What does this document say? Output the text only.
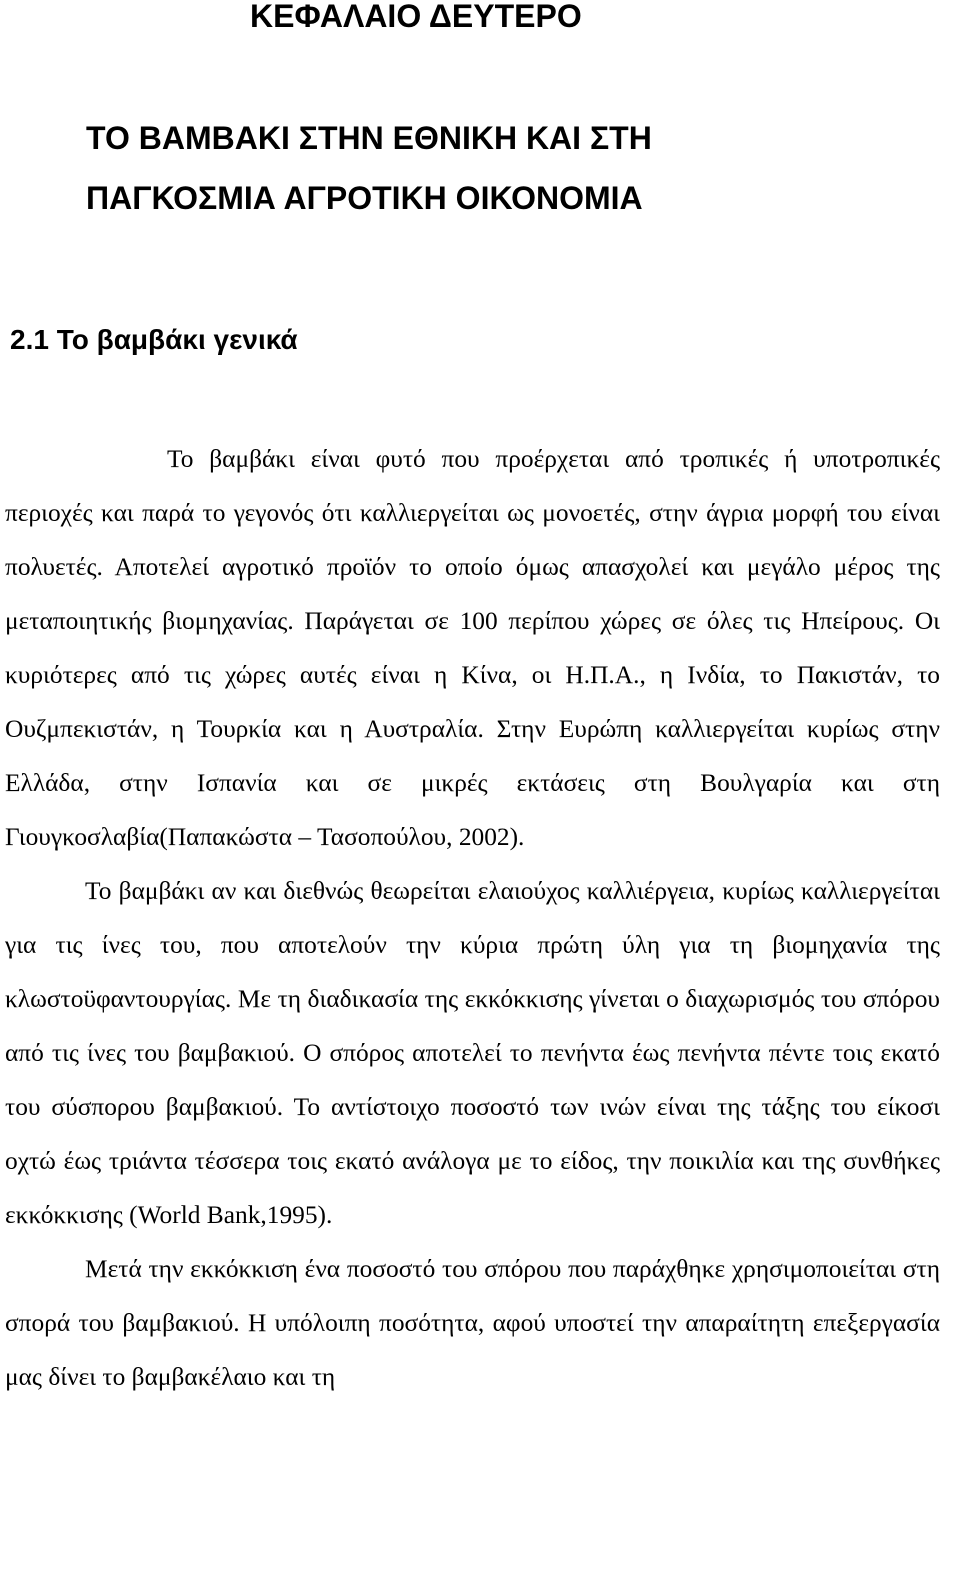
ΚΕΦΑΛΑΙΟ ΔΕΥΤΕΡΟ
ΤΟ ΒΑΜΒΑΚΙ ΣΤΗΝ ΕΘΝΙΚΗ ΚΑΙ ΣΤΗ ΠΑΓΚΟΣΜΙΑ ΑΓΡΟΤΙΚΗ ΟΙΚΟΝΟΜΙΑ
2.1 Το βαμβάκι γενικά

Το βαμβάκι είναι φυτό που προέρχεται από τροπικές ή υποτροπικές περιοχές και παρά το γεγονός ότι καλλιεργείται ως μονοετές, στην άγρια μορφή του είναι πολυετές. Αποτελεί αγροτικό προϊόν το οποίο όμως απασχολεί και μεγάλο μέρος της μεταποιητικής βιομηχανίας. Παράγεται σε 100 περίπου χώρες σε όλες τις Ηπείρους. Οι κυριότερες από τις χώρες αυτές είναι η Κίνα, οι Η.Π.Α., η Ινδία, το Πακιστάν, το Ουζμπεκιστάν, η Τουρκία και η Αυστραλία. Στην Ευρώπη καλλιεργείται κυρίως στην Ελλάδα, στην Ισπανία και σε μικρές εκτάσεις στη Βουλγαρία και στη Γιουγκοσλαβία(Παπακώστα – Τασοπούλου, 2002).

Το βαμβάκι αν και διεθνώς θεωρείται ελαιούχος καλλιέργεια, κυρίως καλλιεργείται για τις ίνες του, που αποτελούν την κύρια πρώτη ύλη για τη βιομηχανία της κλωστοϋφαντουργίας. Με τη διαδικασία της εκκόκκισης γίνεται ο διαχωρισμός του σπόρου από τις ίνες του βαμβακιού. Ο σπόρος αποτελεί το πενήντα έως πενήντα πέντε τοις εκατό του σύσπορου βαμβακιού. Το αντίστοιχο ποσοστό των ινών είναι της τάξης του είκοσι οχτώ έως τριάντα τέσσερα τοις εκατό ανάλογα με το είδος, την ποικιλία και της συνθήκες εκκόκκισης (World Bank,1995).

Μετά την εκκόκκιση ένα ποσοστό του σπόρου που παράχθηκε χρησιμοποιείται στη σπορά του βαμβακιού. Η υπόλοιπη ποσότητα, αφού υποστεί την απαραίτητη επεξεργασία μας δίνει το βαμβακέλαιο και τη
